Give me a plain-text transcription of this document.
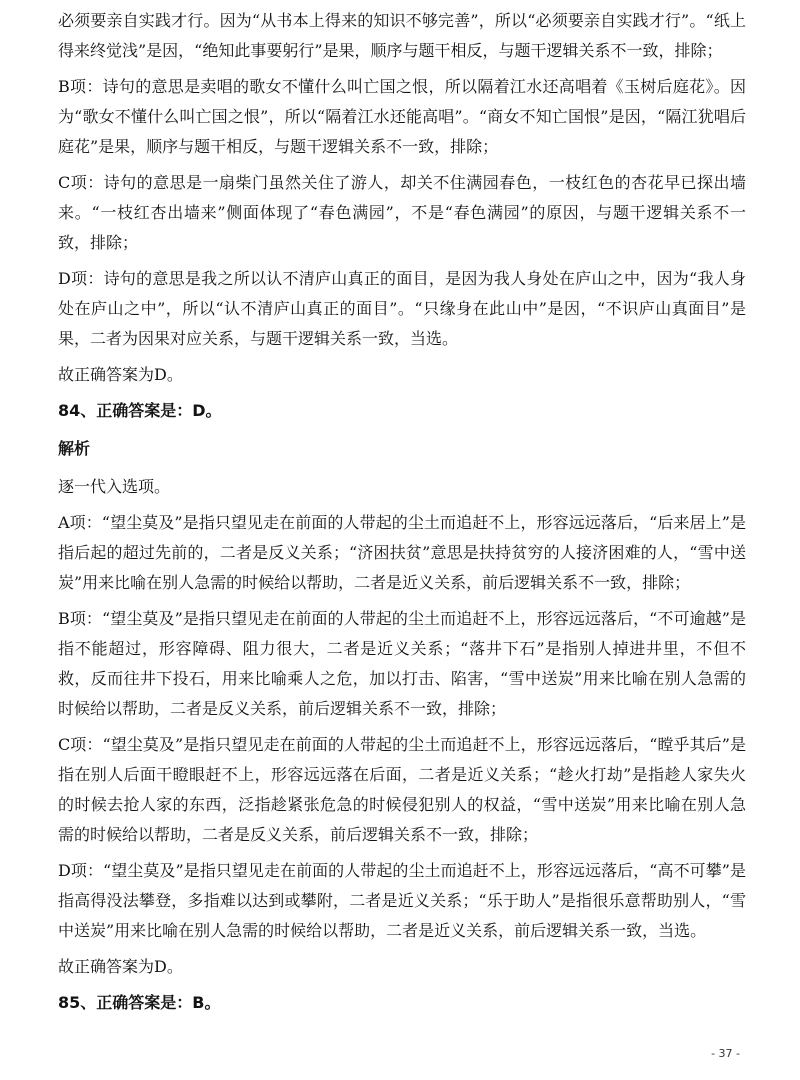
必须要亲自实践才行。因为“从书本上得来的知识不够完善”，所以“必须要亲自实践才行”。“纸上得来终觉浅”是因，“绝知此事要躬行”是果，顺序与题干相反，与题干逻辑关系不一致，排除；

B项：诗句的意思是卖唱的歌女不懂什么叫亡国之恨，所以隔着江水还高唱着《玉树后庭花》。因为“歌女不懂什么叫亡国之恨”，所以“隔着江水还能高唱”。“商女不知亡国恨”是因，“隔江犹唱后庭花”是果，顺序与题干相反，与题干逻辑关系不一致，排除；

C项：诗句的意思是一扇柴门虽然关住了游人，却关不住满园春色，一枝红色的杏花早已探出墙来。“一枝红杏出墙来”侧面体现了“春色满园”，不是“春色满园”的原因，与题干逻辑关系不一致，排除；

D项：诗句的意思是我之所以认不清庐山真正的面目，是因为我人身处在庐山之中，因为“我人身处在庐山之中”，所以“认不清庐山真正的面目”。“只缘身在此山中”是因，“不识庐山真面目”是果，二者为因果对应关系，与题干逻辑关系一致，当选。

故正确答案为D。

84、正确答案是：D。
解析

逐一代入选项。

A项：“望尘莫及”是指只望见走在前面的人带起的尘土而追赶不上，形容远远落后，“后来居上”是指后起的超过先前的，二者是反义关系；“济困扶贫”意思是扶持贫穷的人接济困难的人，“雪中送炭”用来比喻在别人急需的时候给以帮助，二者是近义关系，前后逻辑关系不一致，排除；

B项：“望尘莫及”是指只望见走在前面的人带起的尘土而追赶不上，形容远远落后，“不可逾越”是指不能超过，形容障碍、阻力很大，二者是近义关系；“落井下石”是指别人掉进井里，不但不救，反而往井下投石，用来比喻乘人之危，加以打击、陷害，“雪中送炭”用来比喻在别人急需的时候给以帮助，二者是反义关系，前后逻辑关系不一致，排除；

C项：“望尘莫及”是指只望见走在前面的人带起的尘土而追赶不上，形容远远落后，“瞠乎其后”是指在别人后面干瞪眼赶不上，形容远远落在后面，二者是近义关系；“趁火打劫”是指趁人家失火的时候去抢人家的东西，泛指趁紧张危急的时候侵犯别人的权益，“雪中送炭”用来比喻在别人急需的时候给以帮助，二者是反义关系，前后逻辑关系不一致，排除；

D项：“望尘莫及”是指只望见走在前面的人带起的尘土而追赶不上，形容远远落后，“高不可攀”是指高得没法攀登，多指难以达到或攀附，二者是近义关系；“乐于助人”是指很乐意帮助别人，“雪中送炭”用来比喻在别人急需的时候给以帮助，二者是近义关系，前后逻辑关系一致，当选。

故正确答案为D。

85、正确答案是：B。
- 37 -
